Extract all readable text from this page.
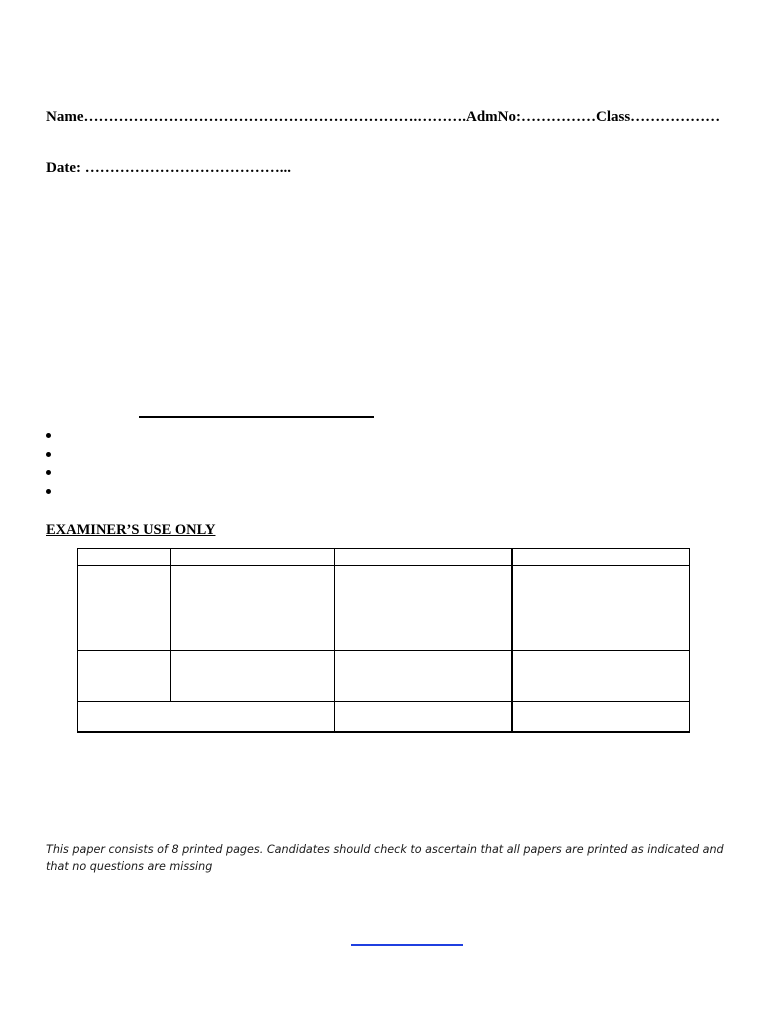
Name………………………………………………………….……….AdmNo:……………Class………………
Date: …………………………………...
EXAMINER’S USE ONLY

This paper consists of 8 printed pages. Candidates should check to ascertain that all papers are printed as indicated and that no questions are missing
